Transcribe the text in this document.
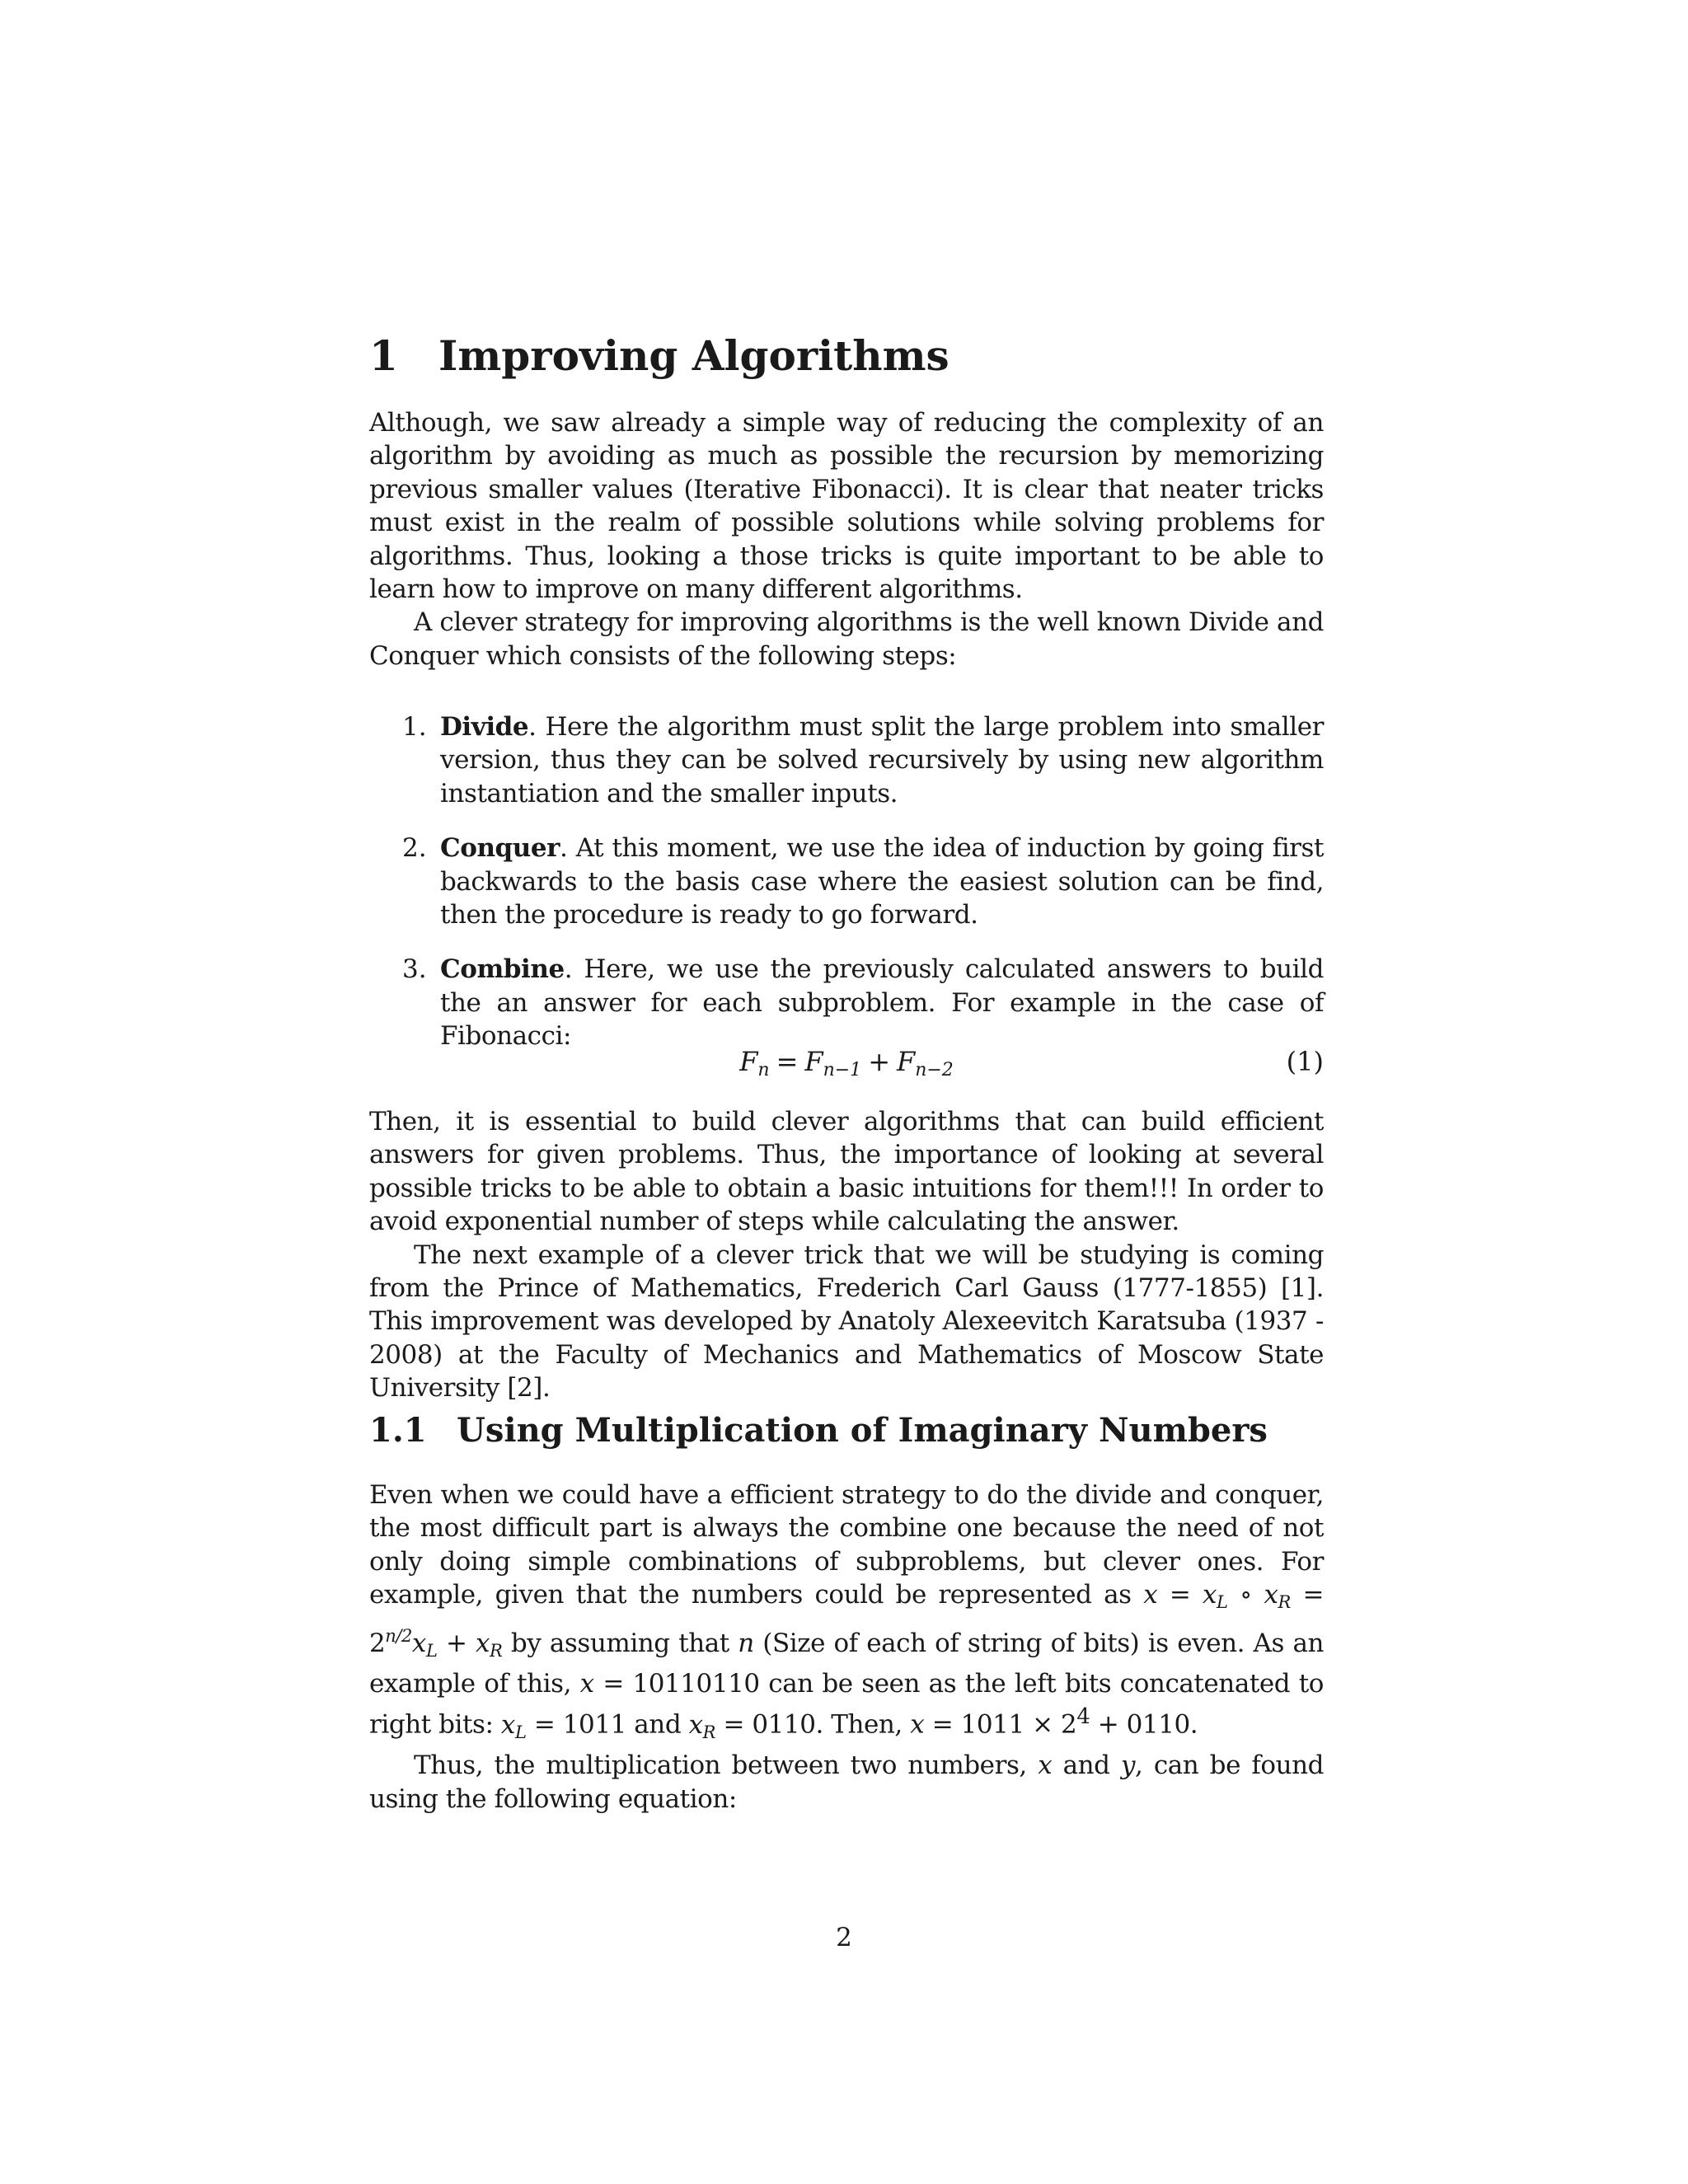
1 Improving Algorithms

Although, we saw already a simple way of reducing the complexity of an algorithm by avoiding as much as possible the recursion by memorizing previous smaller values (Iterative Fibonacci). It is clear that neater tricks must exist in the realm of possible solutions while solving problems for algorithms. Thus, looking a those tricks is quite important to be able to learn how to improve on many different algorithms.

A clever strategy for improving algorithms is the well known Divide and Conquer which consists of the following steps:

1. Divide. Here the algorithm must split the large problem into smaller version, thus they can be solved recursively by using new algorithm instantiation and the smaller inputs.

2. Conquer. At this moment, we use the idea of induction by going first backwards to the basis case where the easiest solution can be find, then the procedure is ready to go forward.

3. Combine. Here, we use the previously calculated answers to build the an answer for each subproblem. For example in the case of Fibonacci:

$F_n = F_{n-1} + F_{n-2}$	(1)

Then, it is essential to build clever algorithms that can build efficient answers for given problems. Thus, the importance of looking at several possible tricks to be able to obtain a basic intuitions for them!!! In order to avoid exponential number of steps while calculating the answer.

The next example of a clever trick that we will be studying is coming from the Prince of Mathematics, Frederich Carl Gauss (1777-1855) [1]. This improvement was developed by Anatoly Alexeevitch Karatsuba (1937 - 2008) at the Faculty of Mechanics and Mathematics of Moscow State University [2].

1.1 Using Multiplication of Imaginary Numbers

Even when we could have a efficient strategy to do the divide and conquer, the most difficult part is always the combine one because the need of not only doing simple combinations of subproblems, but clever ones. For example, given that the numbers could be represented as $x = x_L$ ∘ $x_R = 2^{n/2}x_L + x_R$ by assuming that n (Size of each of string of bits) is even. As an example of this, x = 10110110 can be seen as the left bits concatenated to right bits: $x_L = 1011$ and $x_R = 0110$. Then, $x = 1011 \times 2^4 + 0110$.

Thus, the multiplication between two numbers, x and y, can be found using the following equation:

2
